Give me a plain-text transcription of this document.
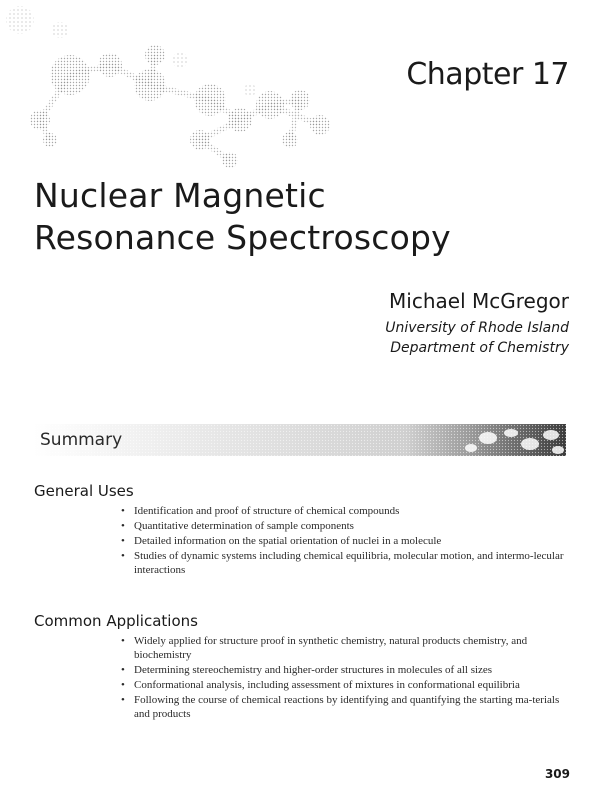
Chapter 17
Nuclear Magnetic
Resonance Spectroscopy
Michael McGregor
University of Rhode Island
Department of Chemistry
Summary
General Uses
• Identification and proof of structure of chemical compounds
• Quantitative determination of sample components
• Detailed information on the spatial orientation of nuclei in a molecule
• Studies of dynamic systems including chemical equilibria, molecular motion, and intermo-lecular interactions
Common Applications
• Widely applied for structure proof in synthetic chemistry, natural products chemistry, and biochemistry
• Determining stereochemistry and higher-order structures in molecules of all sizes
• Conformational analysis, including assessment of mixtures in conformational equilibria
• Following the course of chemical reactions by identifying and quantifying the starting ma-terials and products
309
